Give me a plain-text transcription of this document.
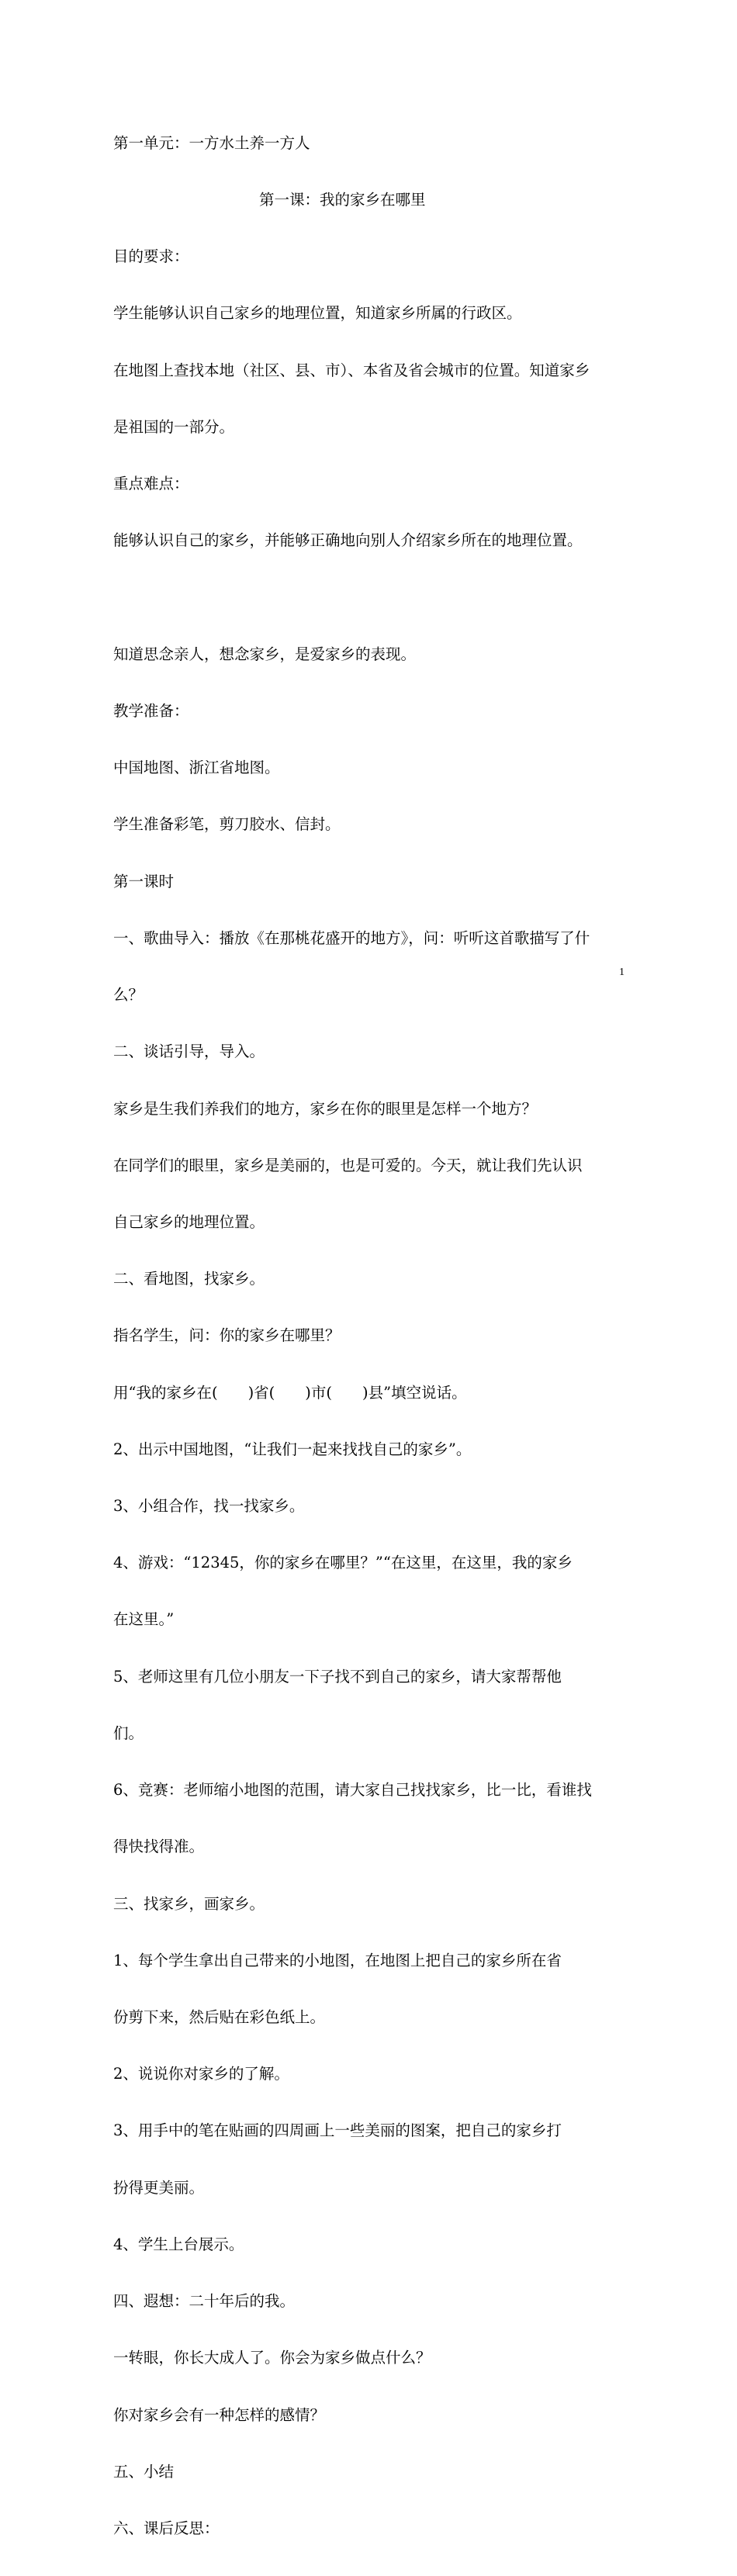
第一单元：一方水土养一方人

第一课：我的家乡在哪里

目的要求：

学生能够认识自己家乡的地理位置，知道家乡所属的行政区。

在地图上查找本地（社区、县、市）、本省及省会城市的位置。知道家乡

是祖国的一部分。

重点难点：

能够认识自己的家乡，并能够正确地向别人介绍家乡所在的地理位置。

知道思念亲人，想念家乡，是爱家乡的表现。

教学准备：

中国地图、浙江省地图。

学生准备彩笔，剪刀胶水、信封。

第一课时

一、歌曲导入：播放《在那桃花盛开的地方》，问：听听这首歌描写了什

么？

二、谈话引导，导入。

家乡是生我们养我们的地方，家乡在你的眼里是怎样一个地方？

在同学们的眼里，家乡是美丽的，也是可爱的。今天，就让我们先认识

自己家乡的地理位置。

二、看地图，找家乡。

指名学生，问：你的家乡在哪里？

用“我的家乡在(　　)省(　　)市(　　)县”填空说话。

2、出示中国地图，“让我们一起来找找自己的家乡”。

3、小组合作，找一找家乡。

4、游戏：“12345，你的家乡在哪里？”“在这里，在这里，我的家乡

在这里。”

5、老师这里有几位小朋友一下子找不到自己的家乡，请大家帮帮他

们。

6、竞赛：老师缩小地图的范围，请大家自己找找家乡，比一比，看谁找

得快找得准。

三、找家乡，画家乡。

1、每个学生拿出自己带来的小地图，在地图上把自己的家乡所在省

份剪下来，然后贴在彩色纸上。

2、说说你对家乡的了解。

3、用手中的笔在贴画的四周画上一些美丽的图案，把自己的家乡打

扮得更美丽。

4、学生上台展示。

四、遐想：二十年后的我。

一转眼，你长大成人了。你会为家乡做点什么？

你对家乡会有一种怎样的感情？

五、小结

六、课后反思：

1
